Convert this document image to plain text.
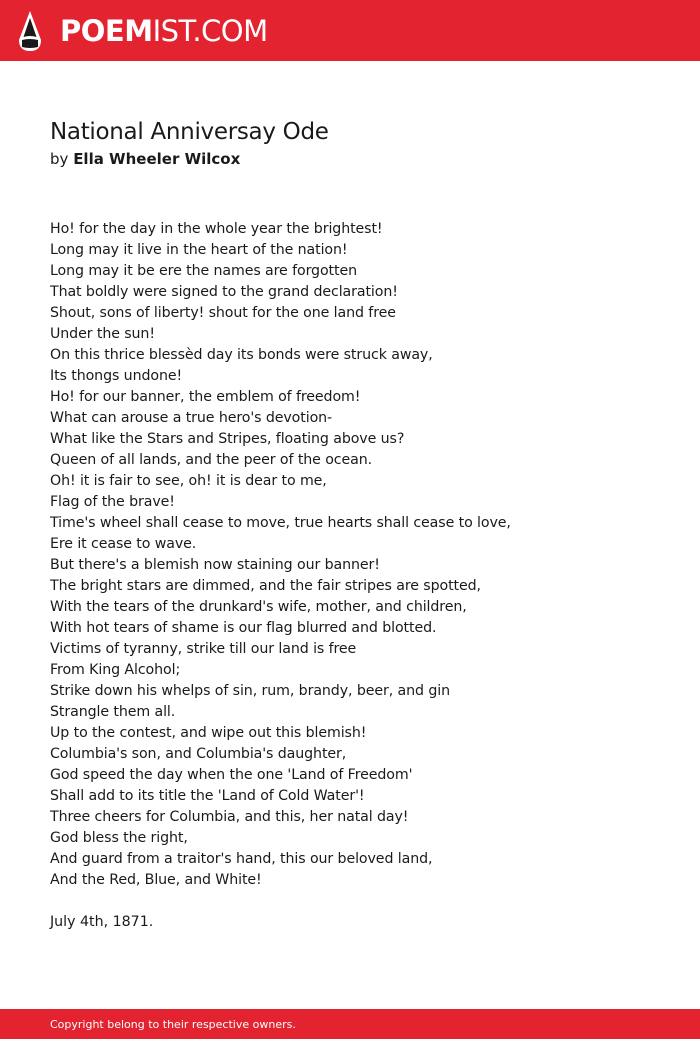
POEM IST.COM
National Anniversay Ode
by Ella Wheeler Wilcox
Ho! for the day in the whole year the brightest!
Long may it live in the heart of the nation!
Long may it be ere the names are forgotten
That boldly were signed to the grand declaration!
Shout, sons of liberty! shout for the one land free
Under the sun!
On this thrice blessèd day its bonds were struck away,
Its thongs undone!
Ho! for our banner, the emblem of freedom!
What can arouse a true hero's devotion-
What like the Stars and Stripes, floating above us?
Queen of all lands, and the peer of the ocean.
Oh! it is fair to see, oh! it is dear to me,
Flag of the brave!
Time's wheel shall cease to move, true hearts shall cease to love,
Ere it cease to wave.
But there's a blemish now staining our banner!
The bright stars are dimmed, and the fair stripes are spotted,
With the tears of the drunkard's wife, mother, and children,
With hot tears of shame is our flag blurred and blotted.
Victims of tyranny, strike till our land is free
From King Alcohol;
Strike down his whelps of sin, rum, brandy, beer, and gin
Strangle them all.
Up to the contest, and wipe out this blemish!
Columbia's son, and Columbia's daughter,
God speed the day when the one 'Land of Freedom'
Shall add to its title the 'Land of Cold Water'!
Three cheers for Columbia, and this, her natal day!
God bless the right,
And guard from a traitor's hand, this our beloved land,
And the Red, Blue, and White!
July 4th, 1871.
Copyright belong to their respective owners.
